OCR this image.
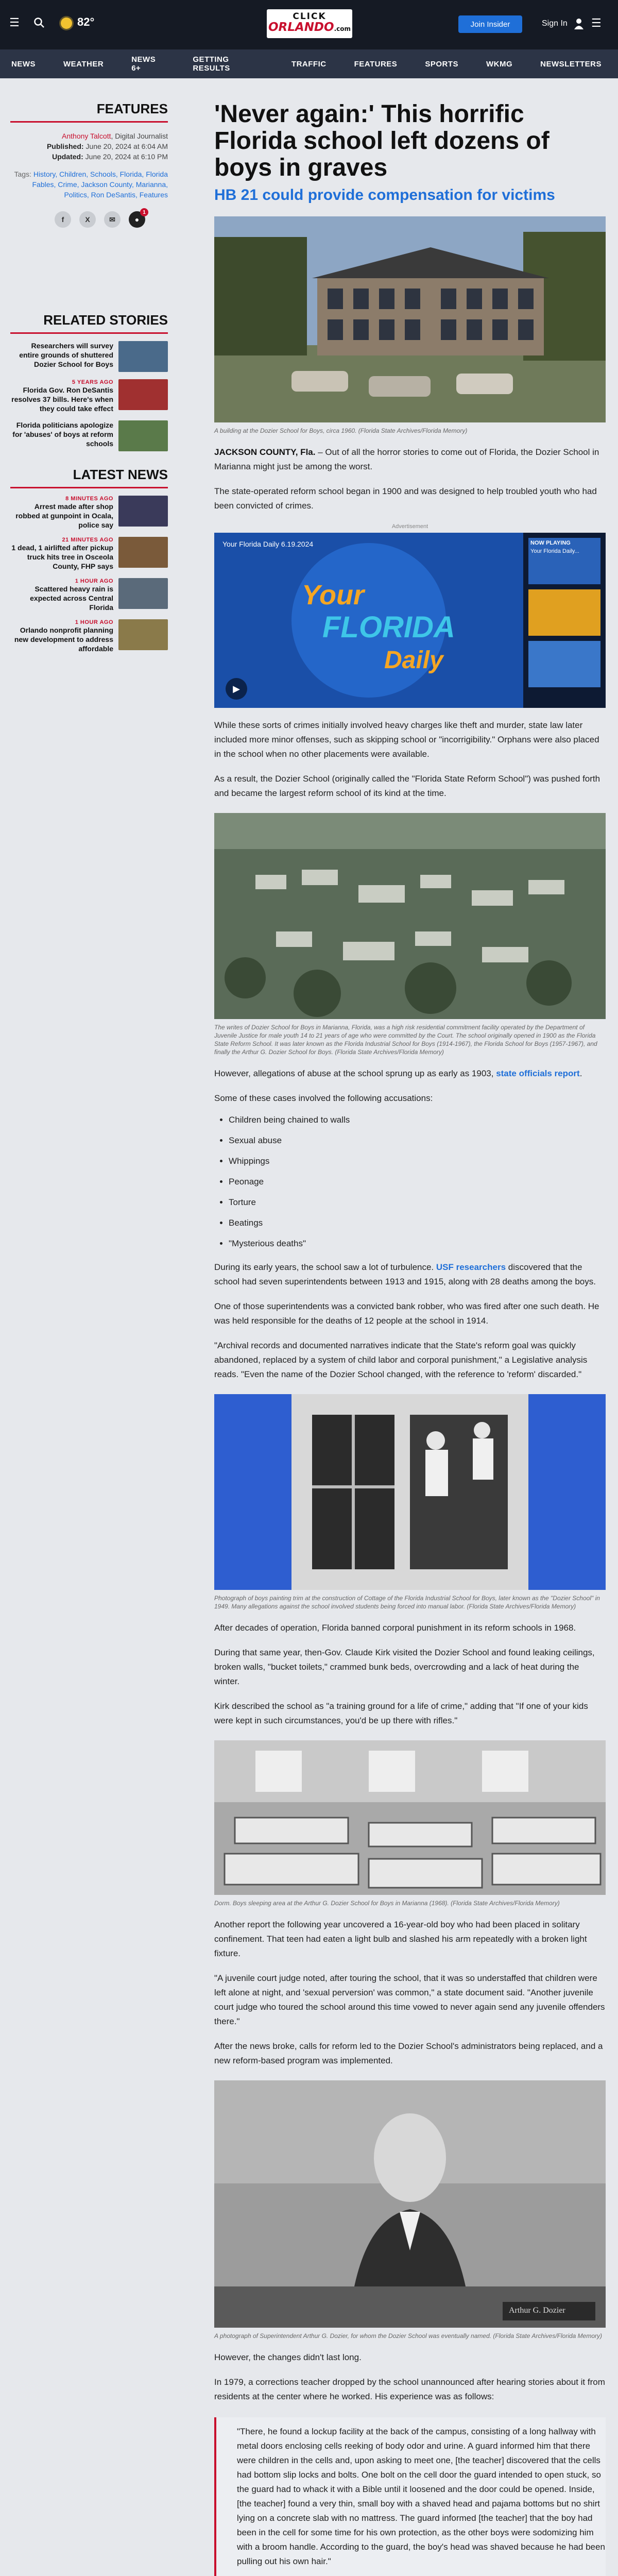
☰	82°	CLICK
ORLANDO.com
Join Insider	Sign In ☰
NEWS	WEATHER	NEWS 6+
GETTING RESULTS	TRAFFIC	FEATURES	SPORTS	WKMG	NEWSLETTERS
FEATURES
Anthony Talcott, Digital Journalist
Published: June 20, 2024 at 6:04 AM
Updated: June 20, 2024 at 6:10 PM
Tags: History, Children, Schools, Florida, Florida Fables, Crime, Jackson County, Marianna, Politics, Ron DeSantis, Features
f	X	✉	●
1
RELATED STORIES
Researchers will survey entire grounds of shuttered Dozier School for Boys
5 YEARS AGO
Florida Gov. Ron DeSantis resolves 37 bills. Here's when they could take effect
Florida politicians apologize for 'abuses' of boys at reform schools
LATEST NEWS
8 MINUTES AGO
Arrest made after shop robbed at gunpoint in Ocala, police say
21 MINUTES AGO
1 dead, 1 airlifted after pickup truck hits tree in Osceola County, FHP says
1 HOUR AGO
Scattered heavy rain is expected across Central Florida
1 HOUR AGO
Orlando nonprofit planning new development to address affordable
'Never again:' This horrific Florida school left dozens of boys in graves
HB 21 could provide compensation for victims
A building at the Dozier School for Boys, circa 1960. (Florida State Archives/Florida Memory)

JACKSON COUNTY, Fla. – Out of all the horror stories to come out of Florida, the Dozier School in Marianna might just be among the worst.

The state-operated reform school began in 1900 and was designed to help troubled youth who had been convicted of crimes.

Advertisement
Your Florida Daily 6.19.2024
Your
FLORIDA
Daily
NOW PLAYING
Your Florida Daily...
▶

While these sorts of crimes initially involved heavy charges like theft and murder, state law later included more minor offenses, such as skipping school or "incorrigibility." Orphans were also placed in the school when no other placements were available.

As a result, the Dozier School (originally called the "Florida State Reform School") was pushed forth and became the largest reform school of its kind at the time.

The writes of Dozier School for Boys in Marianna, Florida, was a high risk residential commitment facility operated by the Department of Juvenile Justice for male youth 14 to 21 years of age who were committed by the Court. The school originally opened in 1900 as the Florida State Reform School. It was later known as the Florida Industrial School for Boys (1914-1967), the Florida School for Boys (1957-1967), and finally the Arthur G. Dozier School for Boys. (Florida State Archives/Florida Memory)

However, allegations of abuse at the school sprung up as early as 1903, state officials report.

Some of these cases involved the following accusations:

• Children being chained to walls
• Sexual abuse
• Whippings
• Peonage
• Torture
• Beatings
• "Mysterious deaths"

During its early years, the school saw a lot of turbulence. USF researchers discovered that the school had seven superintendents between 1913 and 1915, along with 28 deaths among the boys.

One of those superintendents was a convicted bank robber, who was fired after one such death. He was held responsible for the deaths of 12 people at the school in 1914.

"Archival records and documented narratives indicate that the State's reform goal was quickly abandoned, replaced by a system of child labor and corporal punishment," a Legislative analysis reads. "Even the name of the Dozier School changed, with the reference to 'reform' discarded."

Photograph of boys painting trim at the construction of Cottage of the Florida Industrial School for Boys, later known as the "Dozier School" in 1949. Many allegations against the school involved students being forced into manual labor. (Florida State Archives/Florida Memory)

After decades of operation, Florida banned corporal punishment in its reform schools in 1968.

During that same year, then-Gov. Claude Kirk visited the Dozier School and found leaking ceilings, broken walls, "bucket toilets," crammed bunk beds, overcrowding and a lack of heat during the winter.

Kirk described the school as "a training ground for a life of crime," adding that "If one of your kids were kept in such circumstances, you'd be up there with rifles."

Dorm. Boys sleeping area at the Arthur G. Dozier School for Boys in Marianna (1968). (Florida State Archives/Florida Memory)

Another report the following year uncovered a 16-year-old boy who had been placed in solitary confinement. That teen had eaten a light bulb and slashed his arm repeatedly with a broken light fixture.

"A juvenile court judge noted, after touring the school, that it was so understaffed that children were left alone at night, and 'sexual perversion' was common," a state document said. "Another juvenile court judge who toured the school around this time vowed to never again send any juvenile offenders there."

After the news broke, calls for reform led to the Dozier School's administrators being replaced, and a new reform-based program was implemented.

Arthur G. Dozier
A photograph of Superintendent Arthur G. Dozier, for whom the Dozier School was eventually named. (Florida State Archives/Florida Memory)

However, the changes didn't last long.

In 1979, a corrections teacher dropped by the school unannounced after hearing stories about it from residents at the center where he worked. His experience was as follows:

"There, he found a lockup facility at the back of the campus, consisting of a long hallway with metal doors enclosing cells reeking of body odor and urine. A guard informed him that there were children in the cells and, upon asking to meet one, [the teacher] discovered that the cells had bottom slip locks and bolts. One bolt on the cell door the guard intended to open stuck, so the guard had to whack it with a Bible until it loosened and the door could be opened. Inside, [the teacher] found a very thin, small boy with a shaved head and pajama bottoms but no shirt lying on a concrete slab with no mattress. The guard informed [the teacher] that the boy had been in the cell for some time for his own protection, as the other boys were sodomizing him with a broom handle. According to the guard, the boy's head was shaved because he had been pulling out his own hair."
